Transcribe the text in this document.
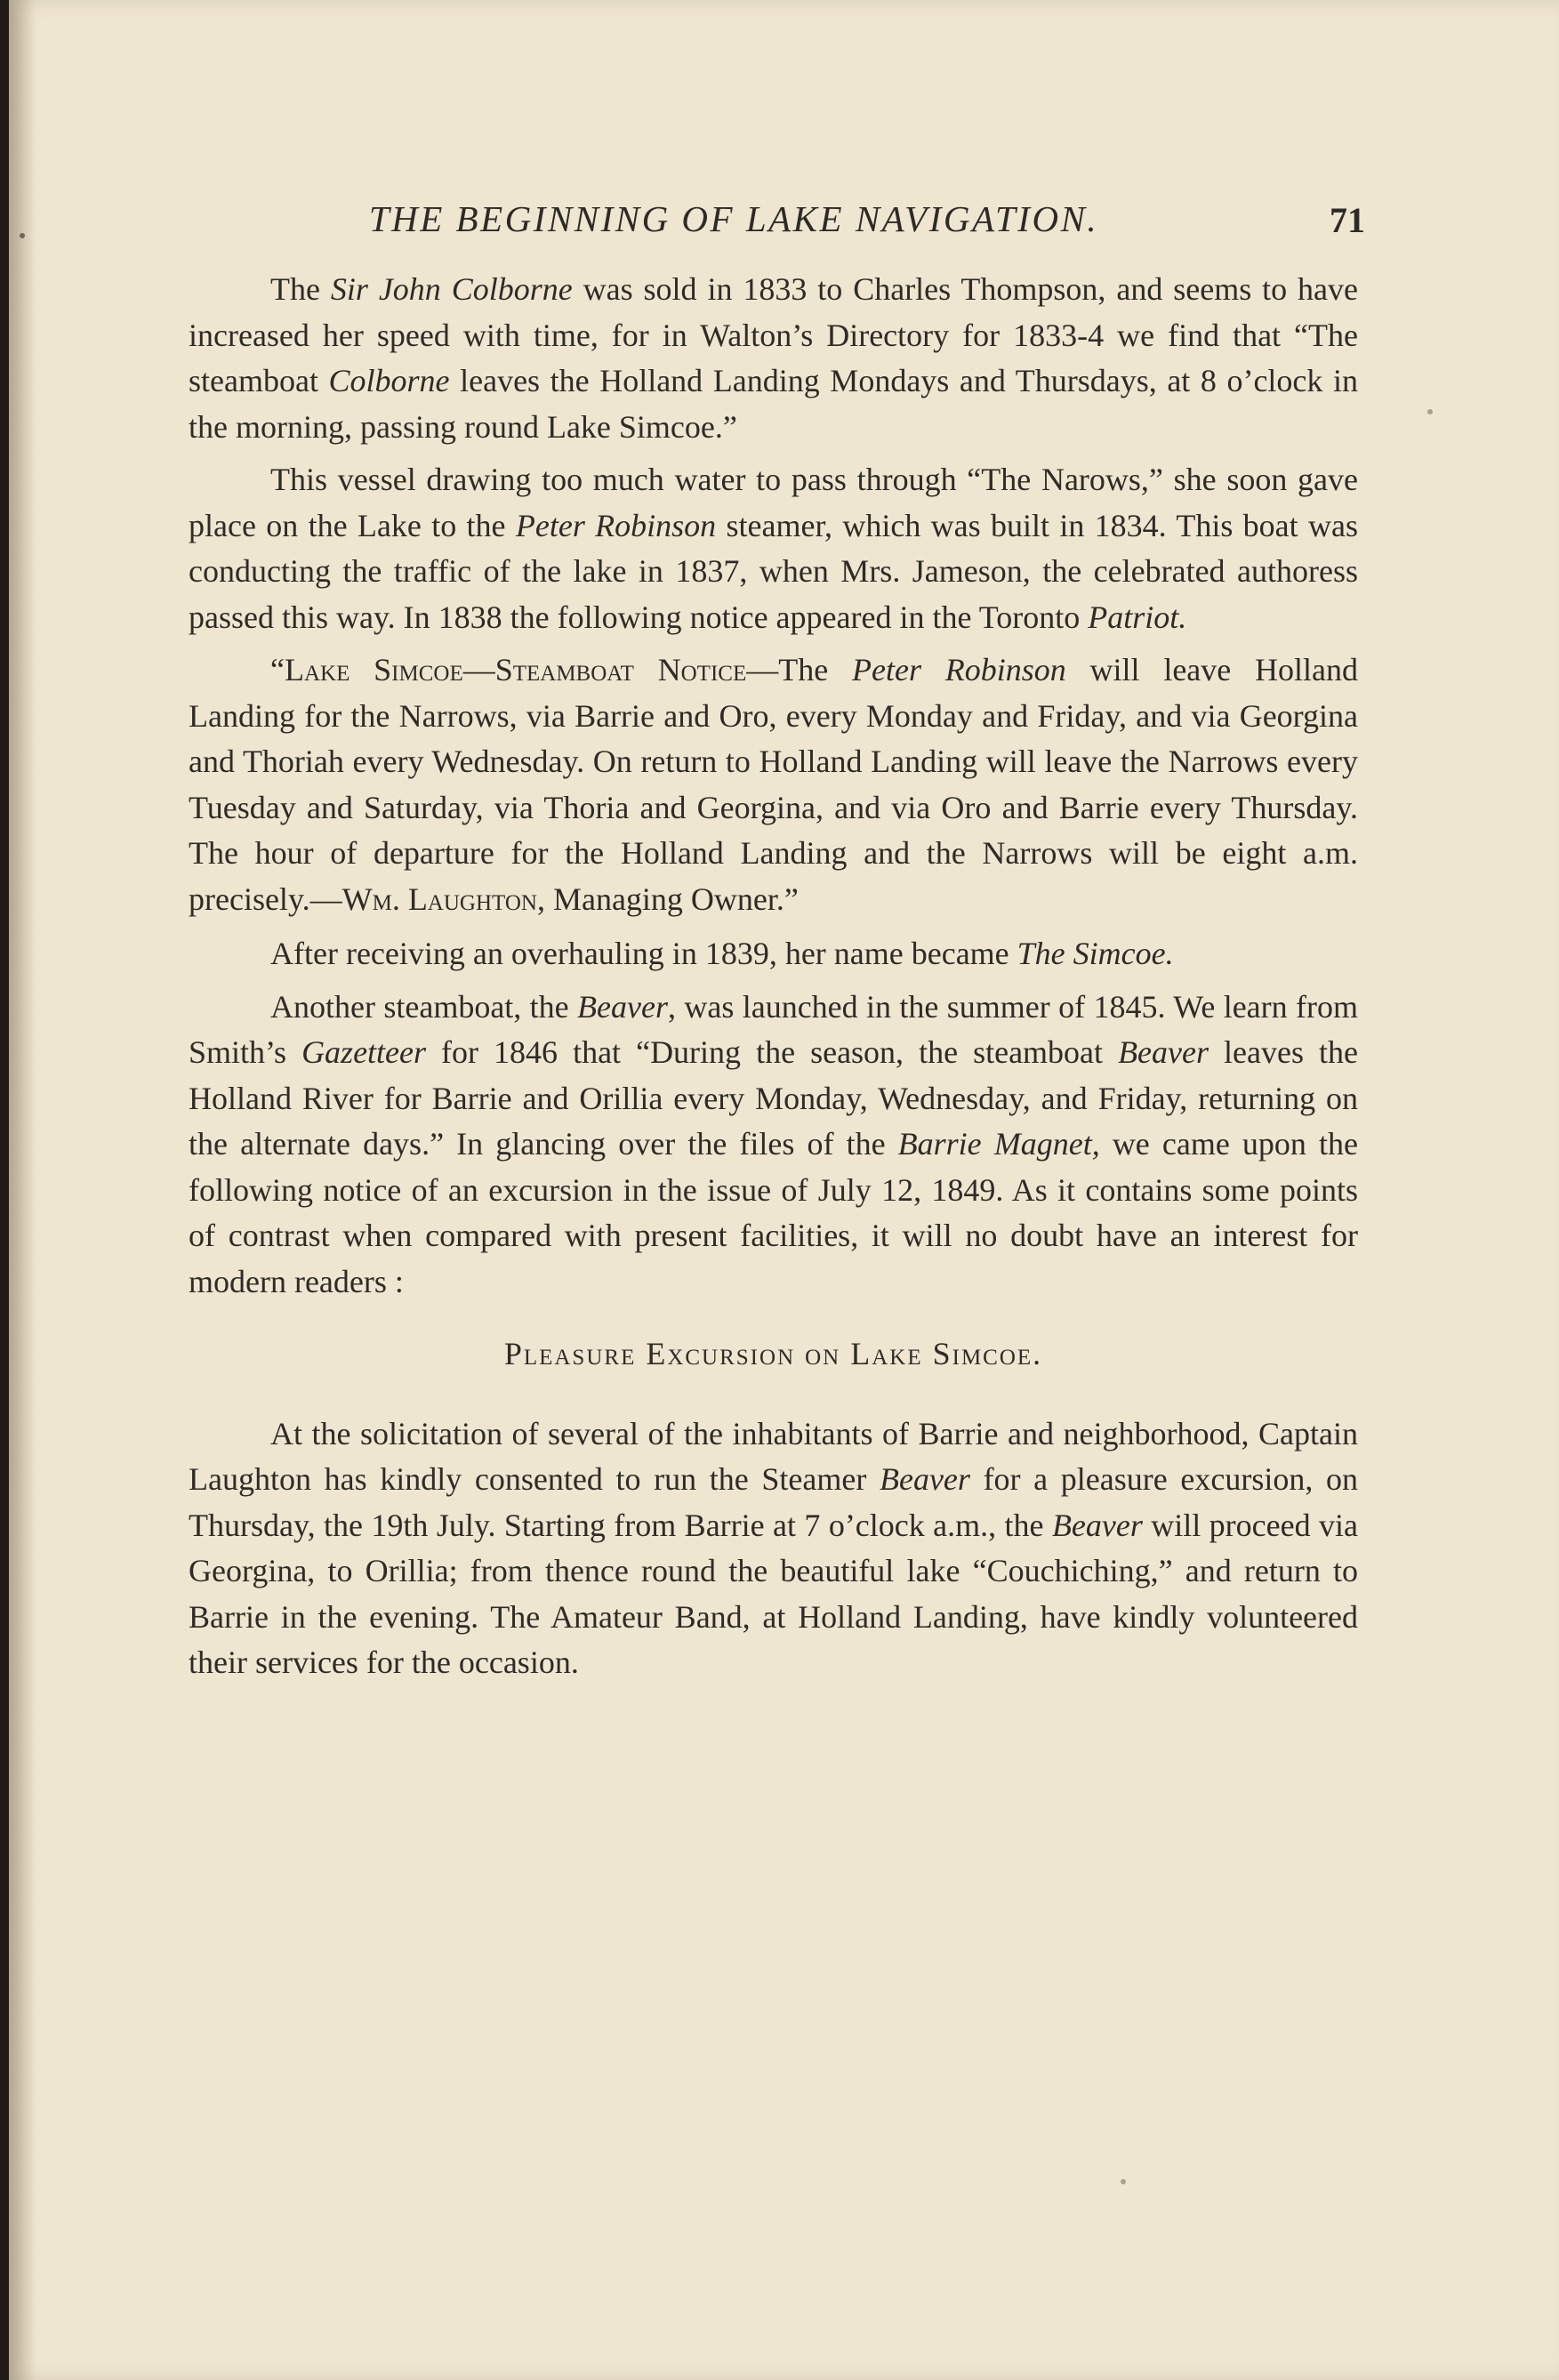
THE BEGINNING OF LAKE NAVIGATION.	71

The Sir John Colborne was sold in 1833 to Charles Thompson, and seems to have increased her speed with time, for in Walton’s Directory for 1833-4 we find that “The steamboat Colborne leaves the Holland Landing Mondays and Thursdays, at 8 o’clock in the morning, passing round Lake Simcoe.”

This vessel drawing too much water to pass through “The Narows,” she soon gave place on the Lake to the Peter Robinson steamer, which was built in 1834. This boat was conducting the traffic of the lake in 1837, when Mrs. Jameson, the celebrated authoress passed this way. In 1838 the following notice appeared in the Toronto Patriot.

“Lake Simcoe—Steamboat Notice—The Peter Robinson will leave Holland Landing for the Narrows, via Barrie and Oro, every Monday and Friday, and via Georgina and Thoriah every Wednesday. On return to Holland Landing will leave the Narrows every Tuesday and Saturday, via Thoria and Georgina, and via Oro and Barrie every Thursday. The hour of departure for the Holland Landing and the Narrows will be eight a.m. precisely.—Wm. Laughton, Managing Owner.”

After receiving an overhauling in 1839, her name became The Simcoe.

Another steamboat, the Beaver, was launched in the summer of 1845. We learn from Smith’s Gazetteer for 1846 that “During the season, the steamboat Beaver leaves the Holland River for Barrie and Orillia every Monday, Wednesday, and Friday, returning on the alternate days.” In glancing over the files of the Barrie Magnet, we came upon the following notice of an excursion in the issue of July 12, 1849. As it contains some points of contrast when compared with present facilities, it will no doubt have an interest for modern readers :

Pleasure Excursion on Lake Simcoe.

At the solicitation of several of the inhabitants of Barrie and neighborhood, Captain Laughton has kindly consented to run the Steamer Beaver for a pleasure excursion, on Thursday, the 19th July. Starting from Barrie at 7 o’clock a.m., the Beaver will proceed via Georgina, to Orillia; from thence round the beautiful lake “Couchiching,” and return to Barrie in the evening. The Amateur Band, at Holland Landing, have kindly volunteered their services for the occasion.
